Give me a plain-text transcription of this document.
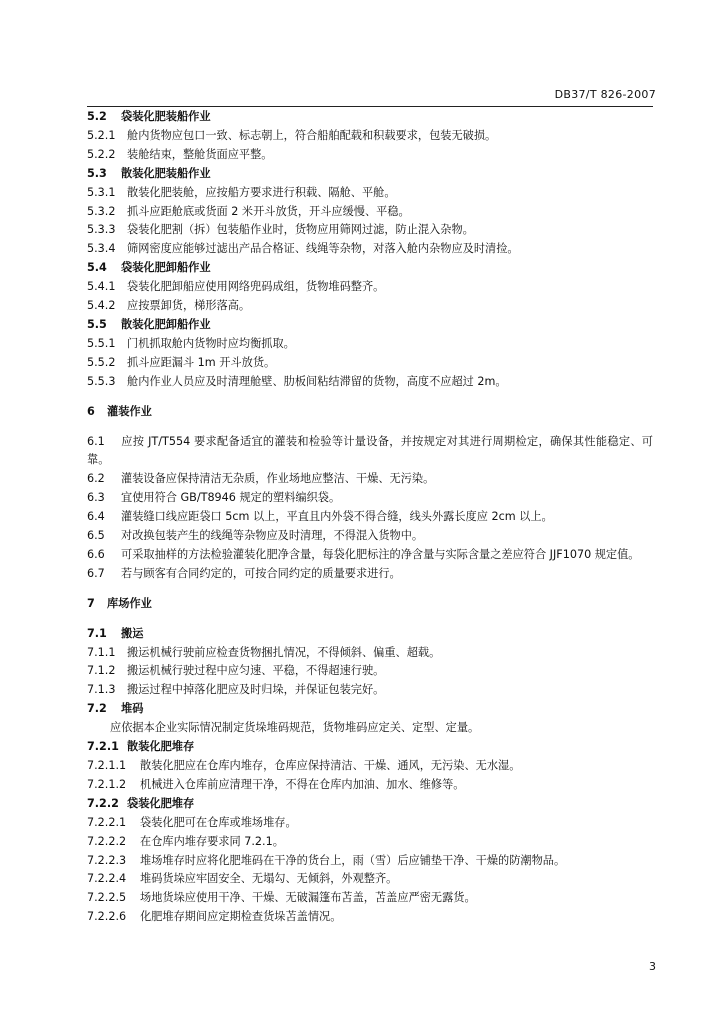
DB37/T 826-2007
5.2 袋装化肥装船作业
5.2.1 舱内货物应包口一致、标志朝上，符合船舶配载和积载要求，包装无破损。
5.2.2 装舱结束，整舱货面应平整。
5.3 散装化肥装船作业
5.3.1 散装化肥装舱，应按船方要求进行积载、隔舱、平舱。
5.3.2 抓斗应距舱底或货面 2 米开斗放货，开斗应缓慢、平稳。
5.3.3 袋装化肥割（拆）包装船作业时，货物应用筛网过滤，防止混入杂物。
5.3.4 筛网密度应能够过滤出产品合格证、线绳等杂物，对落入舱内杂物应及时清捡。
5.4 袋装化肥卸船作业
5.4.1 袋装化肥卸船应使用网络兜码成组，货物堆码整齐。
5.4.2 应按票卸货，梯形落高。
5.5 散装化肥卸船作业
5.5.1 门机抓取舱内货物时应均衡抓取。
5.5.2 抓斗应距漏斗 1m 开斗放货。
5.5.3 舱内作业人员应及时清理舱壁、肋板间粘结滞留的货物，高度不应超过 2m。
6 灌装作业
6.1 应按 JT/T554 要求配备适宜的灌装和检验等计量设备，并按规定对其进行周期检定，确保其性能稳定、可靠。
6.2 灌装设备应保持清洁无杂质，作业场地应整洁、干燥、无污染。
6.3 宜使用符合 GB/T8946 规定的塑料编织袋。
6.4 灌装缝口线应距袋口 5cm 以上，平直且内外袋不得合缝，线头外露长度应 2cm 以上。
6.5 对改换包装产生的线绳等杂物应及时清理，不得混入货物中。
6.6 可采取抽样的方法检验灌装化肥净含量，每袋化肥标注的净含量与实际含量之差应符合 JJF1070 规定值。
6.7 若与顾客有合同约定的，可按合同约定的质量要求进行。
7 库场作业
7.1 搬运
7.1.1 搬运机械行驶前应检查货物捆扎情况，不得倾斜、偏重、超载。
7.1.2 搬运机械行驶过程中应匀速、平稳，不得超速行驶。
7.1.3 搬运过程中掉落化肥应及时归垛，并保证包装完好。
7.2 堆码
应依据本企业实际情况制定货垛堆码规范，货物堆码应定关、定型、定量。
7.2.1 散装化肥堆存
7.2.1.1 散装化肥应在仓库内堆存，仓库应保持清洁、干燥、通风，无污染、无水湿。
7.2.1.2 机械进入仓库前应清理干净，不得在仓库内加油、加水、维修等。
7.2.2 袋装化肥堆存
7.2.2.1 袋装化肥可在仓库或堆场堆存。
7.2.2.2 在仓库内堆存要求同 7.2.1。
7.2.2.3 堆场堆存时应将化肥堆码在干净的货台上，雨（雪）后应铺垫干净、干燥的防潮物品。
7.2.2.4 堆码货垛应牢固安全、无塌勾、无倾斜，外观整齐。
7.2.2.5 场地货垛应使用干净、干燥、无破漏篷布苫盖，苫盖应严密无露货。
7.2.2.6 化肥堆存期间应定期检查货垛苫盖情况。
3
